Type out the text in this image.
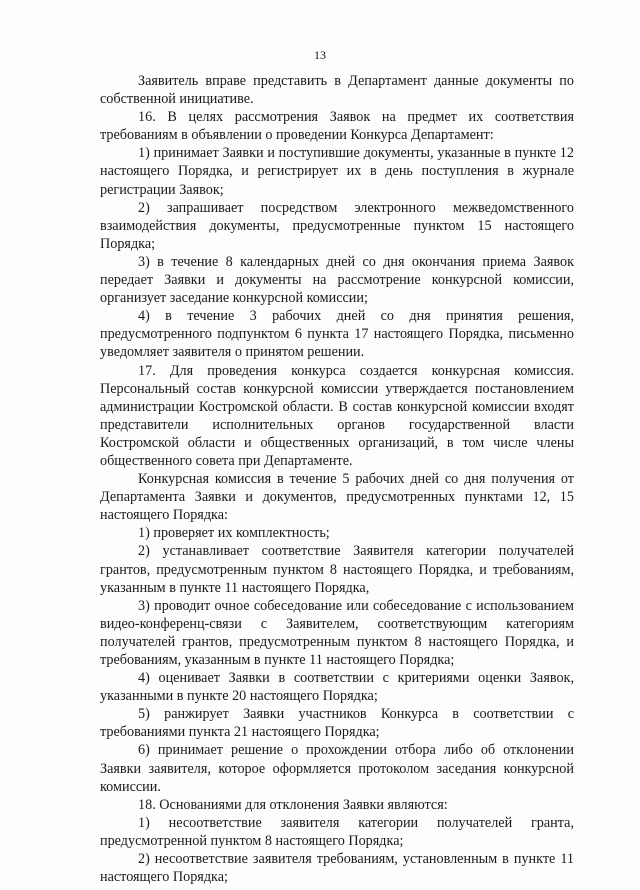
13

Заявитель вправе представить в Департамент данные документы по собственной инициативе.

16. В целях рассмотрения Заявок на предмет их соответствия требованиям в объявлении о проведении Конкурса Департамент:

1) принимает Заявки и поступившие документы, указанные в пункте 12 настоящего Порядка, и регистрирует их в день поступления в журнале регистрации Заявок;

2) запрашивает посредством электронного межведомственного взаимодействия документы, предусмотренные пунктом 15 настоящего Порядка;

3) в течение 8 календарных дней со дня окончания приема Заявок передает Заявки и документы на рассмотрение конкурсной комиссии, организует заседание конкурсной комиссии;

4) в течение 3 рабочих дней со дня принятия решения, предусмотренного подпунктом 6 пункта 17 настоящего Порядка, письменно уведомляет заявителя о принятом решении.

17. Для проведения конкурса создается конкурсная комиссия. Персональный состав конкурсной комиссии утверждается постановлением администрации Костромской области. В состав конкурсной комиссии входят представители исполнительных органов государственной власти Костромской области и общественных организаций, в том числе члены общественного совета при Департаменте.

Конкурсная комиссия в течение 5 рабочих дней со дня получения от Департамента Заявки и документов, предусмотренных пунктами 12, 15 настоящего Порядка:

1) проверяет их комплектность;

2) устанавливает соответствие Заявителя категории получателей грантов, предусмотренным пунктом 8 настоящего Порядка, и требованиям, указанным в пункте 11 настоящего Порядка,

3) проводит очное собеседование или собеседование с использованием видео-конференц-связи с Заявителем, соответствующим категориям получателей грантов, предусмотренным пунктом 8 настоящего Порядка, и требованиям, указанным в пункте 11 настоящего Порядка;

4) оценивает Заявки в соответствии с критериями оценки Заявок, указанными в пункте 20 настоящего Порядка;

5) ранжирует Заявки участников Конкурса в соответствии с требованиями пункта 21 настоящего Порядка;

6) принимает решение о прохождении отбора либо об отклонении Заявки заявителя, которое оформляется протоколом заседания конкурсной комиссии.

18. Основаниями для отклонения Заявки являются:

1) несоответствие заявителя категории получателей гранта, предусмотренной пунктом 8 настоящего Порядка;

2) несоответствие заявителя требованиям, установленным в пункте 11 настоящего Порядка;
